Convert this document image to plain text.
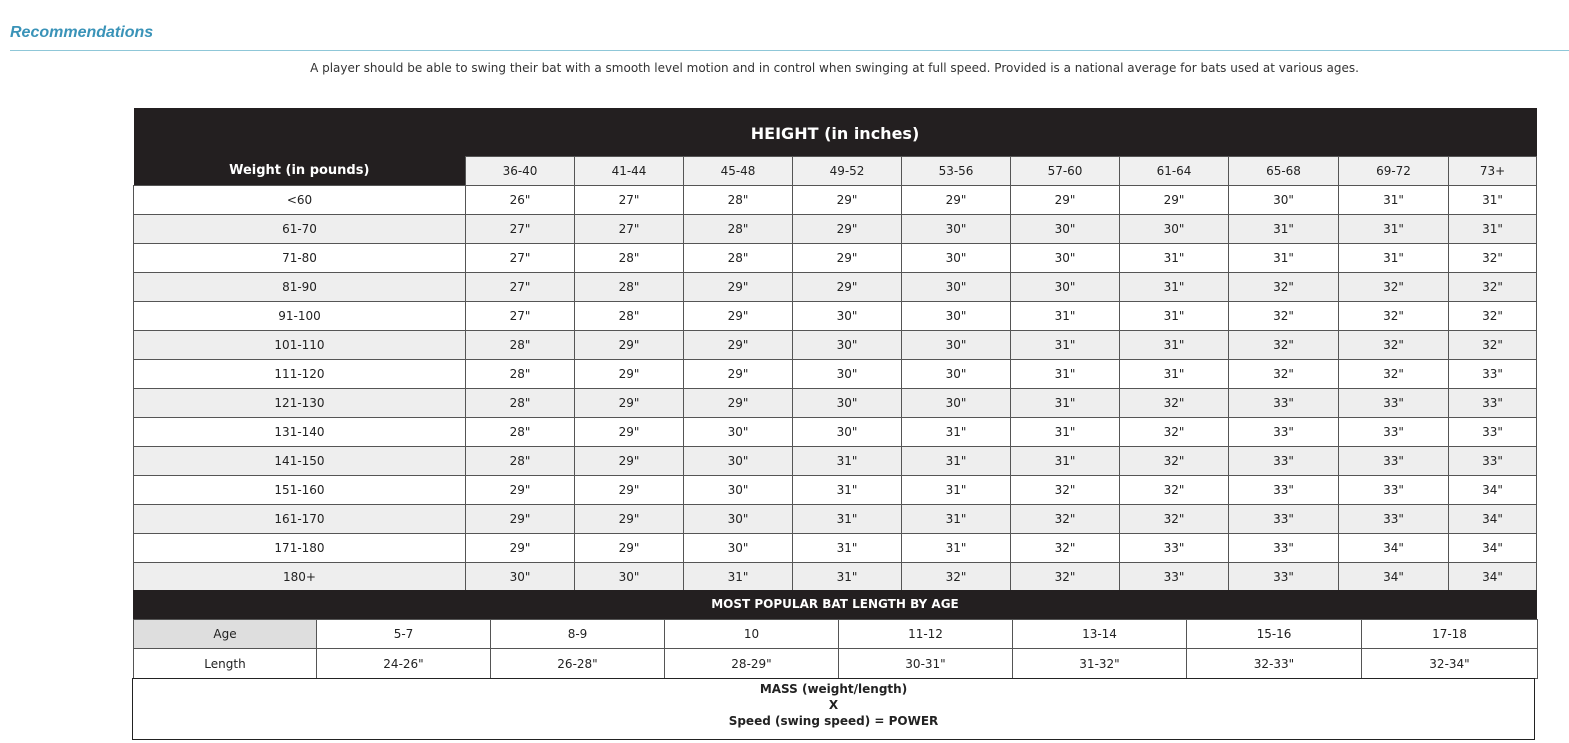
Recommendations
A player should be able to swing their bat with a smooth level motion and in control when swinging at full speed. Provided is a national average for bats used at various ages.
HEIGHT (in inches)										
Weight (in pounds)	36-40	41-44	45-48	49-52	53-56	57-60	61-64	65-68	69-72	73+
<60	26"	27"	28"	29"	29"	29"	29"	30"	31"	31"
61-70	27"	27"	28"	29"	30"	30"	30"	31"	31"	31"
71-80	27"	28"	28"	29"	30"	30"	31"	31"	31"	32"
81-90	27"	28"	29"	29"	30"	30"	31"	32"	32"	32"
91-100	27"	28"	29"	30"	30"	31"	31"	32"	32"	32"
101-110	28"	29"	29"	30"	30"	31"	31"	32"	32"	32"
111-120	28"	29"	29"	30"	30"	31"	31"	32"	32"	33"
121-130	28"	29"	29"	30"	30"	31"	32"	33"	33"	33"
131-140	28"	29"	30"	30"	31"	31"	32"	33"	33"	33"
141-150	28"	29"	30"	31"	31"	31"	32"	33"	33"	33"
151-160	29"	29"	30"	31"	31"	32"	32"	33"	33"	34"
161-170	29"	29"	30"	31"	31"	32"	32"	33"	33"	34"
171-180	29"	29"	30"	31"	31"	32"	33"	33"	34"	34"
180+	30"	30"	31"	31"	32"	32"	33"	33"	34"	34"
MOST POPULAR BAT LENGTH BY AGE
Age	5-7	8-9	10	11-12	13-14	15-16	17-18
Length	24-26"	26-28"	28-29"	30-31"	31-32"	32-33"	32-34"
MASS (weight/length)
X
Speed (swing speed) = POWER
